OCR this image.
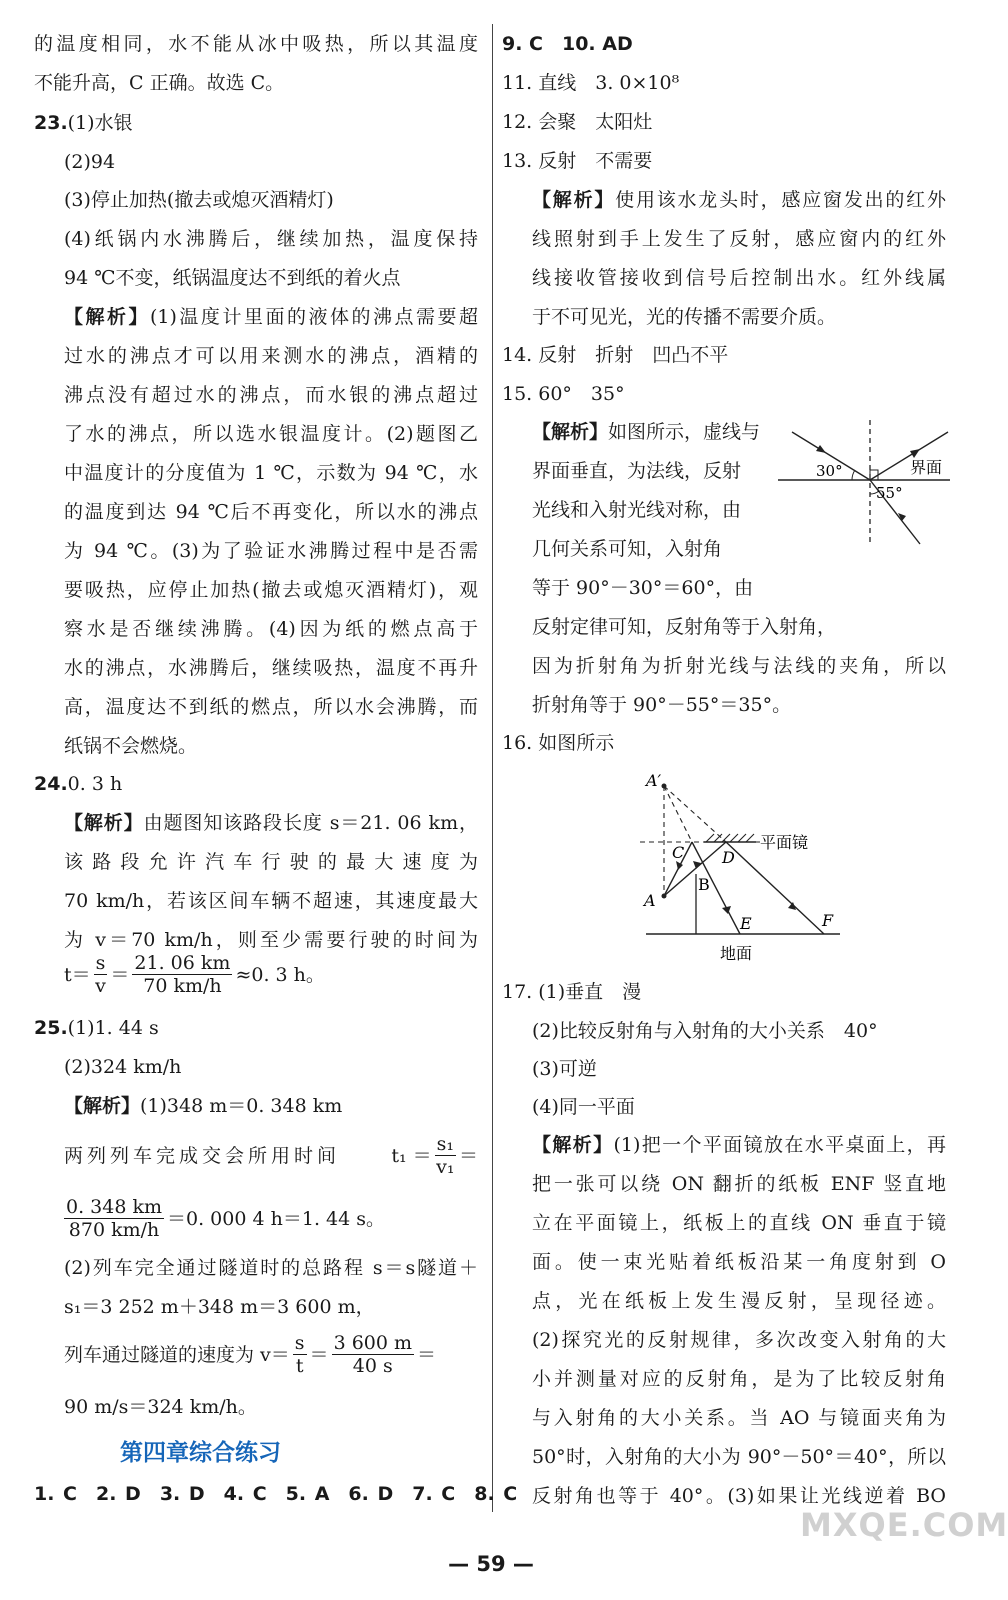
的温度相同，水不能从冰中吸热，所以其温度
不能升高，C 正确。故选 C。
23.(1)水银
(2)94
(3)停止加热(撤去或熄灭酒精灯)
(4)纸锅内水沸腾后，继续加热，温度保持
94 ℃不变，纸锅温度达不到纸的着火点
【解析】(1)温度计里面的液体的沸点需要超
过水的沸点才可以用来测水的沸点，酒精的
沸点没有超过水的沸点，而水银的沸点超过
了水的沸点，所以选水银温度计。(2)题图乙
中温度计的分度值为 1 ℃，示数为 94 ℃，水
的温度到达 94 ℃后不再变化，所以水的沸点
为 94 ℃。(3)为了验证水沸腾过程中是否需
要吸热，应停止加热(撤去或熄灭酒精灯)，观
察水是否继续沸腾。(4)因为纸的燃点高于
水的沸点，水沸腾后，继续吸热，温度不再升
高，温度达不到纸的燃点，所以水会沸腾，而
纸锅不会燃烧。
24.0. 3 h
【解析】由题图知该路段长度 s＝21. 06 km，
该路段允许汽车行驶的最大速度为
70 km/h，若该区间车辆不超速，其速度最大
为 v＝70 km/h，则至少需要行驶的时间为
$t= \frac{s}{v} = \frac{21. 06 km}{70 km/h} \approx 0$. 3 h。
25.(1)1. 44 s
(2)324 km/h
【解析】(1)348 m＝0. 348 km
两列列车完成交会所用时间	$t_1 = \frac{\text{s₁}}{\text{v₁}}$ ＝
$\frac{0. 348 km}{870 km/h} =0$. 000 4 h＝1. 44 s。
(2)列车完全通过隧道时的总路程 s＝s隧道＋
s₁＝3 252 m＋348 m＝3 600 m，
列车通过隧道的速度为 $v= \frac{s}{t} = \frac{3 600 m}{40 s}$ ＝
90 m/s＝324 km/h。
1. C　2. D　3. D　4. C　5. A　6. D　7. C　8. C
第四章综合练习
9. C　10. AD
11. 直线　3. 0×10⁸
12. 会聚　太阳灶
13. 反射　不需要
【解析】使用该水龙头时，感应窗发出的红外
线照射到手上发生了反射，感应窗内的红外
线接收管接收到信号后控制出水。红外线属
于不可见光，光的传播不需要介质。
14. 反射　折射　凹凸不平
15. 60°　35°
【解析】如图所示，虚线与
界面垂直，为法线，反射
光线和入射光线对称，由
几何关系可知，入射角
等于 90°－30°＝60°，由
反射定律可知，反射角等于入射角，
因为折射角为折射光线与法线的夹角，所以
折射角等于 90°－55°＝35°。
30°
55°
界面
16. 如图所示
A′
C D
B
A
E	F
平面镜
地面
17. (1)垂直　漫
(2)比较反射角与入射角的大小关系　40°
(3)可逆
(4)同一平面
【解析】(1)把一个平面镜放在水平桌面上，再
把一张可以绕 ON 翻折的纸板 ENF 竖直地
立在平面镜上，纸板上的直线 ON 垂直于镜
面。使一束光贴着纸板沿某一角度射到 O
点，光在纸板上发生漫反射，呈现径迹。
(2)探究光的反射规律，多次改变入射角的大
小并测量对应的反射角，是为了比较反射角
与入射角的大小关系。当 AO 与镜面夹角为
50°时，入射角的大小为 90°－50°＝40°，所以
反射角也等于 40°。(3)如果让光线逆着 BO
— 59 —
MXQE.COM
